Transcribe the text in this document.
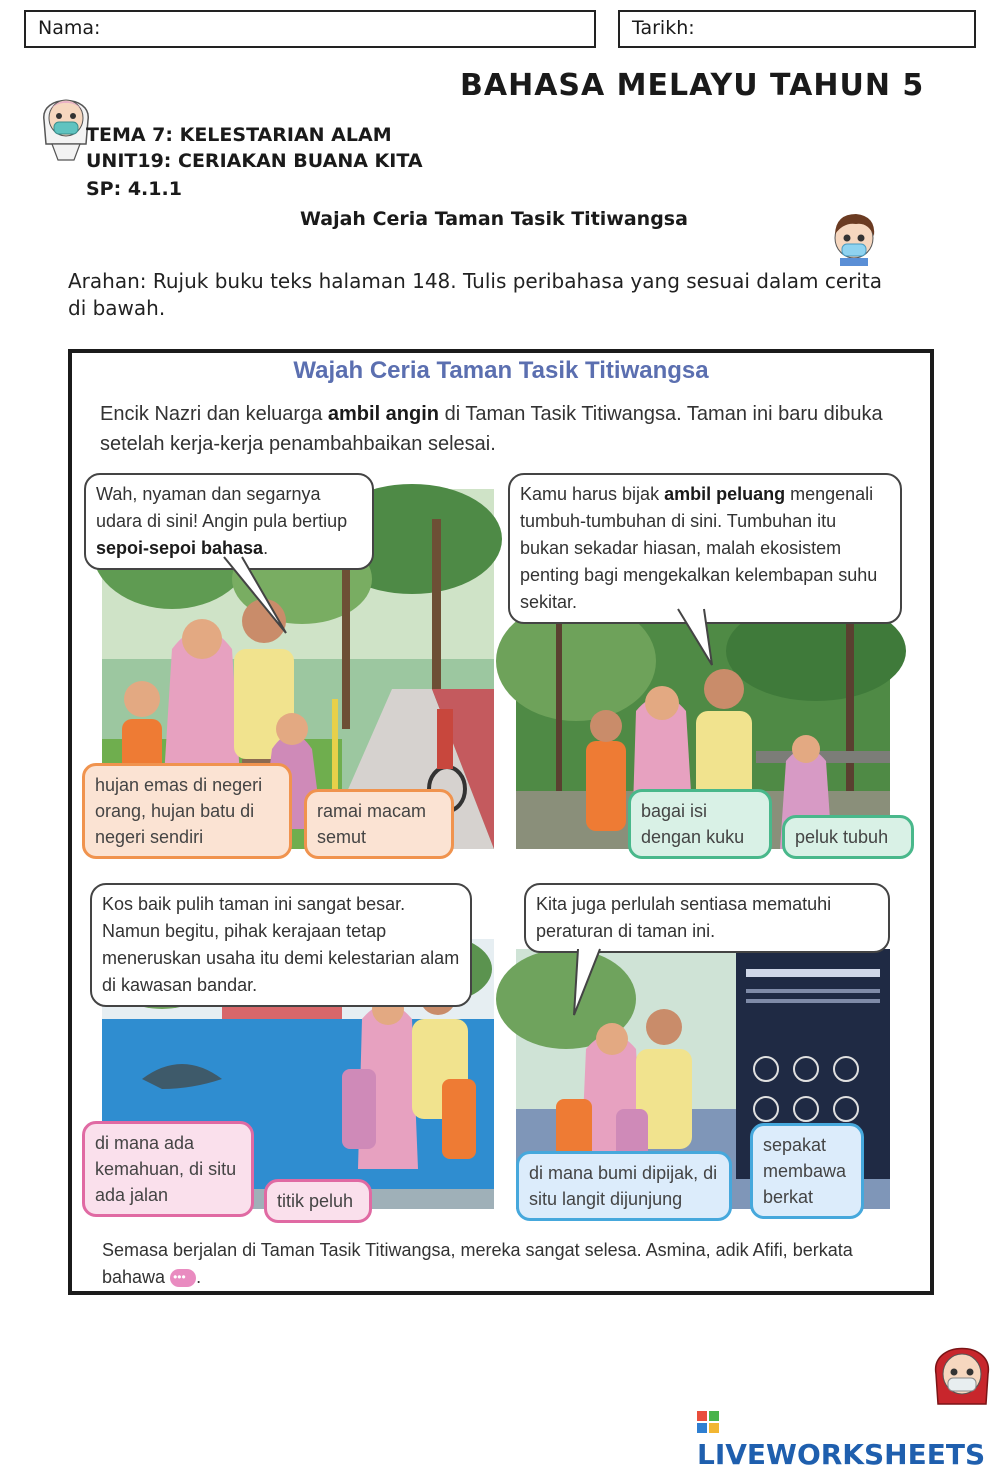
Nama:	Tarikh:
BAHASA MELAYU TAHUN 5
TEMA 7: KELESTARIAN ALAM
UNIT19: CERIAKAN BUANA KITA
SP: 4.1.1
Wajah Ceria Taman Tasik Titiwangsa
Arahan: Rujuk buku teks halaman 148. Tulis peribahasa yang sesuai dalam cerita di bawah.
Wajah Ceria Taman Tasik Titiwangsa
Encik Nazri dan keluarga ambil angin di Taman Tasik Titiwangsa. Taman ini baru dibuka setelah kerja-kerja penambahbaikan selesai.
Wah, nyaman dan segarnya udara di sini! Angin pula bertiup sepoi-sepoi bahasa.
hujan emas di negeri orang, hujan batu di negeri sendiri
ramai macam semut
Kamu harus bijak ambil peluang mengenali tumbuh-tumbuhan di sini. Tumbuhan itu bukan sekadar hiasan, malah ekosistem penting bagi mengekalkan kelembapan suhu sekitar.
bagai isi dengan kuku	peluk tubuh
Kos baik pulih taman ini sangat besar. Namun begitu, pihak kerajaan tetap meneruskan usaha itu demi kelestarian alam di kawasan bandar.
di mana ada kemahuan, di situ ada jalan	titik peluh
Kita juga perlulah sentiasa mematuhi peraturan di taman ini.
di mana bumi dipijak, di situ langit dijunjung
sepakat membawa berkat
Semasa berjalan di Taman Tasik Titiwangsa, mereka sangat selesa. Asmina, adik Afifi, berkata bahawa ••• .
LIVEWORKSHEETS
